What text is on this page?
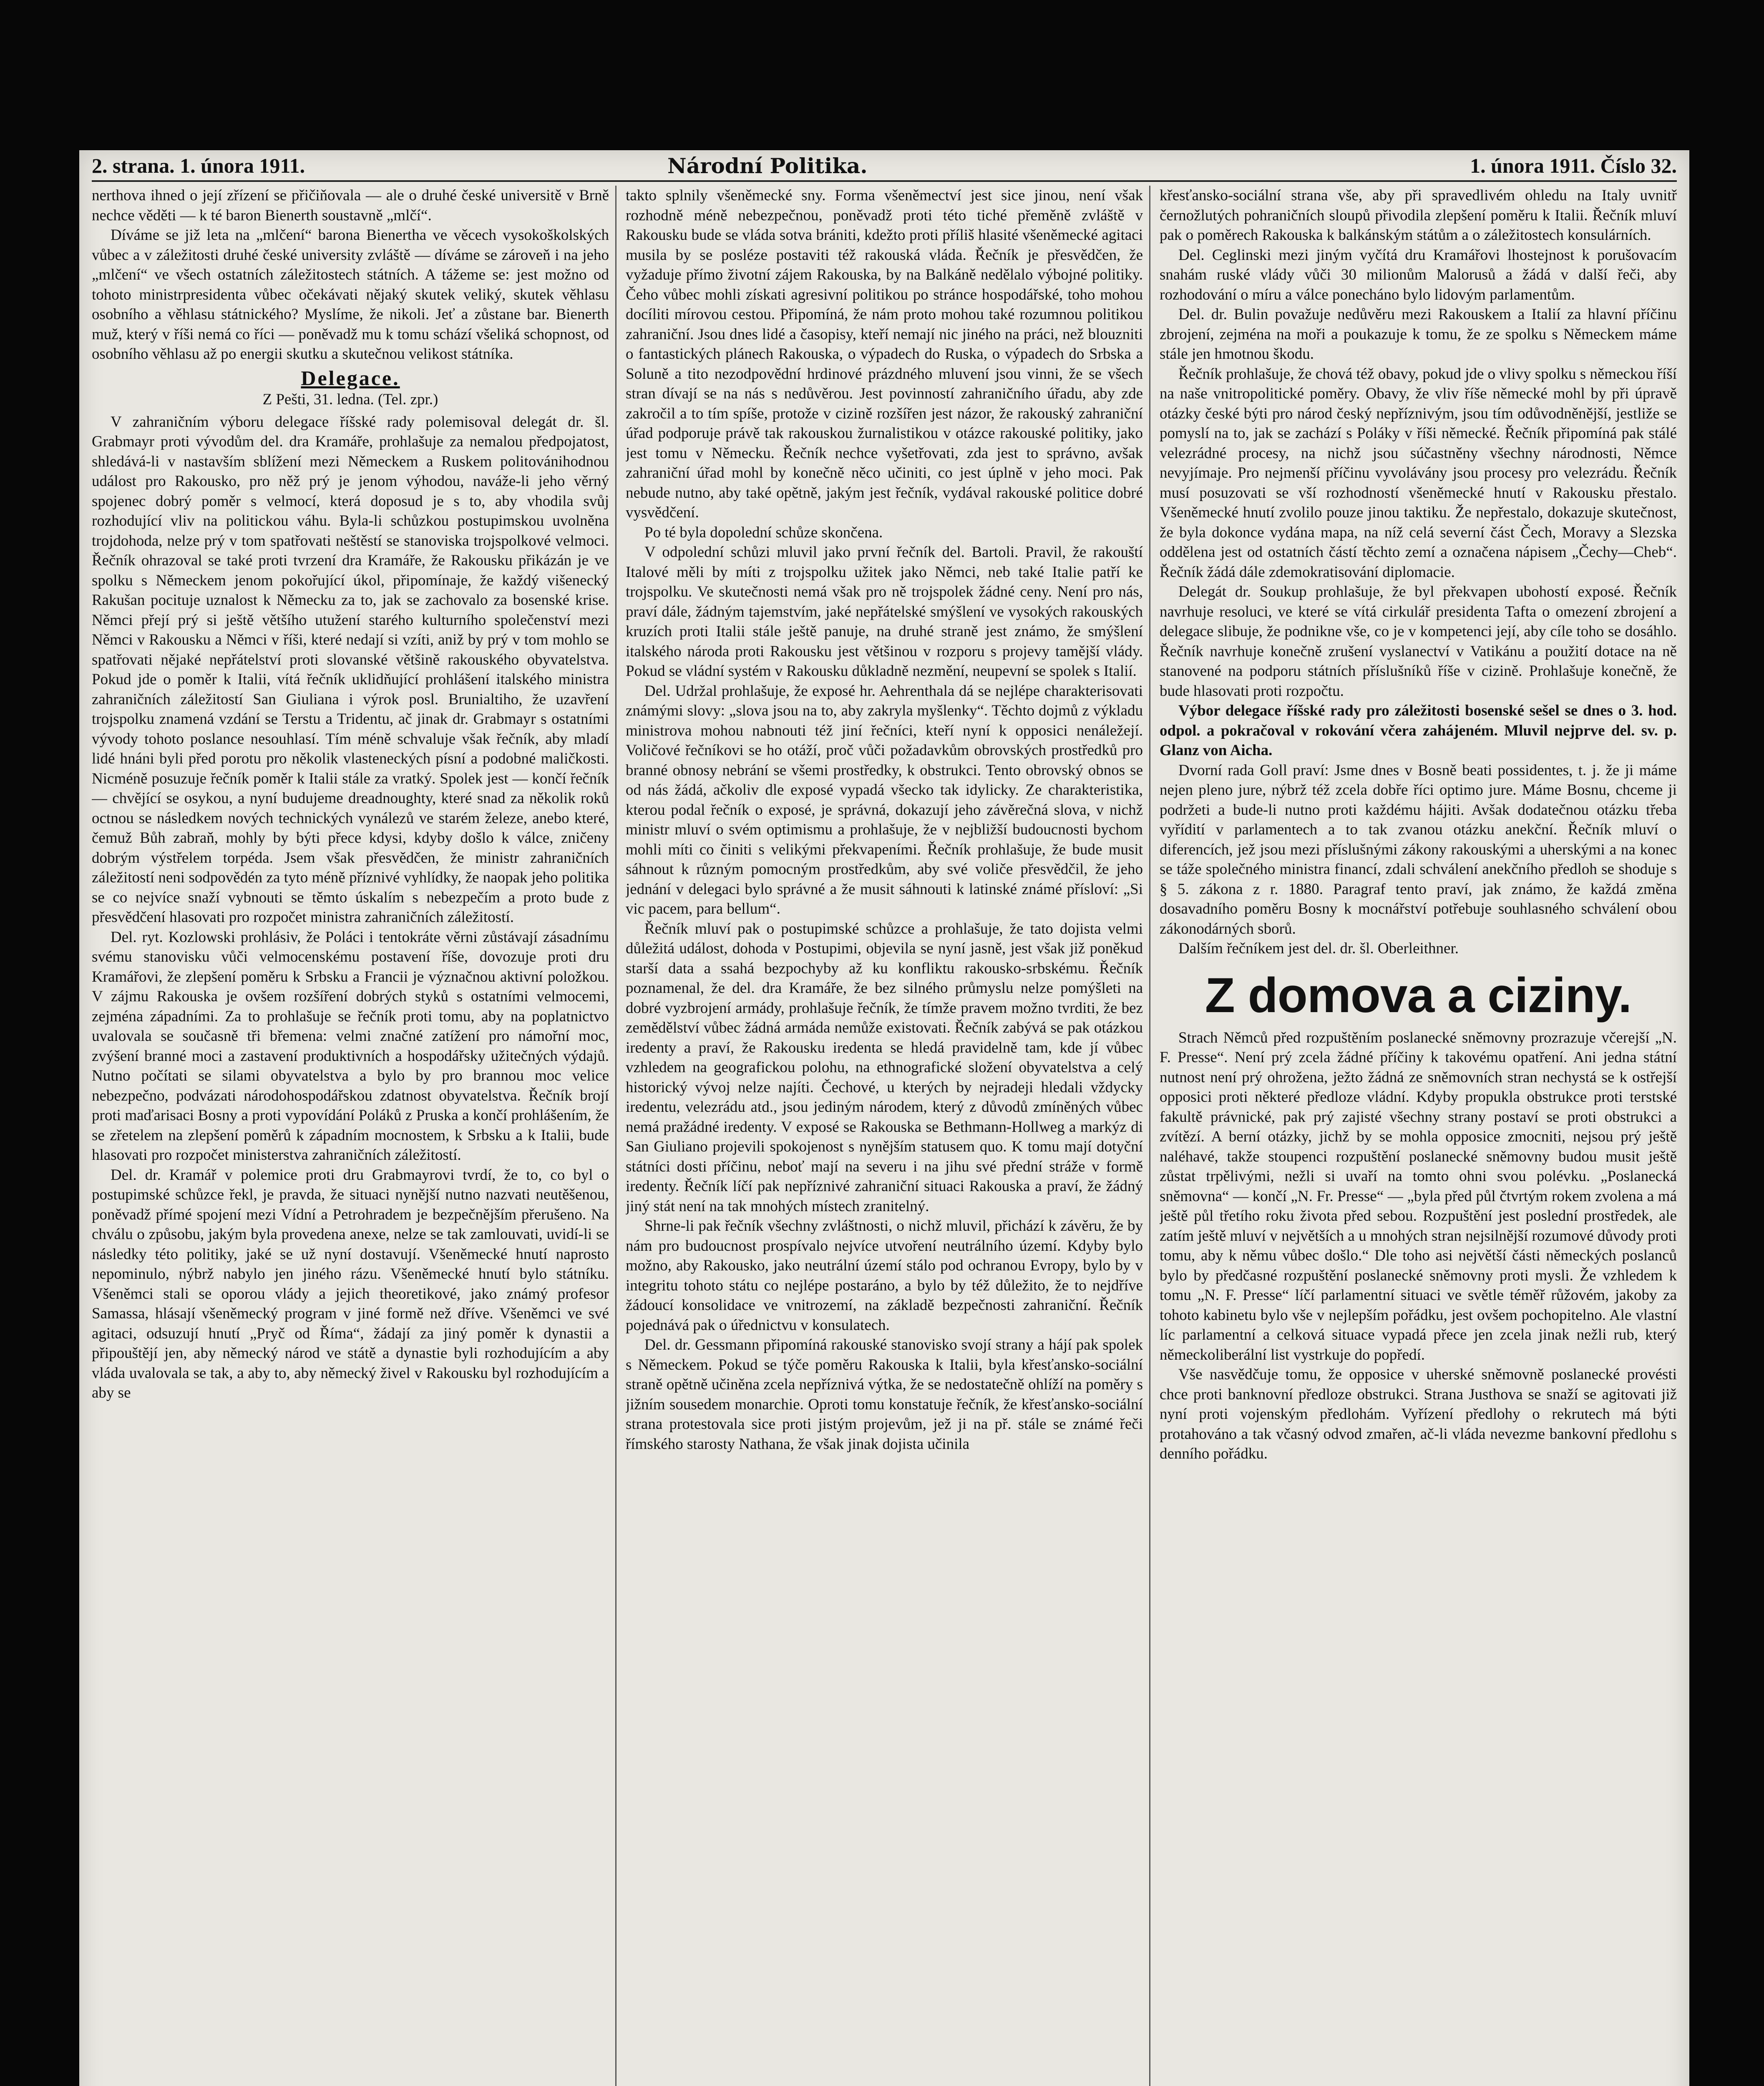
2. strana. 1. února 1911.	Národní Politika.	1. února 1911. Číslo 32.

nerthova ihned o její zřízení se přičiňovala — ale o druhé české universitě v Brně nechce věděti — k té baron Bienerth soustavně „mlčí“.

Díváme se již leta na „mlčení“ barona Bienertha ve věcech vysokoškolských vůbec a v záležitosti druhé české university zvláště — díváme se zároveň i na jeho „mlčení“ ve všech ostatních záležitostech státních. A tážeme se: jest možno od tohoto ministrpresidenta vůbec očekávati nějaký skutek veliký, skutek věhlasu osobního a věhlasu státnického? Myslíme, že nikoli. Jeť a zůstane bar. Bienerth muž, který v říši nemá co říci — poněvadž mu k tomu schází všeliká schopnost, od osobního věhlasu až po energii skutku a skutečnou velikost státníka.

Delegace.
Z Pešti, 31. ledna. (Tel. zpr.)

V zahraničním výboru delegace říšské rady polemisoval delegát dr. šl. Grabmayr proti vývodům del. dra Kramáře, prohlašuje za nemalou předpojatost, shledává-li v nastavším sblížení mezi Německem a Ruskem politovánihodnou událost pro Rakousko, pro něž prý je jenom výhodou, naváže-li jeho věrný spojenec dobrý poměr s velmocí, která doposud je s to, aby vhodila svůj rozhodující vliv na politickou váhu. Byla-li schůzkou postupimskou uvolněna trojdohoda, nelze prý v tom spatřovati neštěstí se stanoviska trojspolkové velmoci. Řečník ohrazoval se také proti tvrzení dra Kramáře, že Rakousku přikázán je ve spolku s Německem jenom pokořující úkol, připomínaje, že každý višenecký Rakušan pocituje uznalost k Německu za to, jak se zachovalo za bosenské krise. Němci přejí prý si ještě většího utužení starého kulturního společenství mezi Němci v Rakousku a Němci v říši, které nedají si vzíti, aniž by prý v tom mohlo se spatřovati nějaké nepřátelství proti slovanské většině rakouského obyvatelstva. Pokud jde o poměr k Italii, vítá řečník uklidňující prohlášení italského ministra zahraničních záležitostí San Giuliana i výrok posl. Brunialtiho, že uzavření trojspolku znamená vzdání se Terstu a Tridentu, ač jinak dr. Grabmayr s ostatními vývody tohoto poslance nesouhlasí. Tím méně schvaluje však řečník, aby mladí lidé hnáni byli před porotu pro několik vlasteneckých písní a podobné maličkosti. Nicméně posuzuje řečník poměr k Italii stále za vratký. Spolek jest — končí řečník — chvějící se osykou, a nyní budujeme dreadnoughty, které snad za několik roků octnou se následkem nových technických vynálezů ve starém železe, anebo které, čemuž Bůh zabraň, mohly by býti přece kdysi, kdyby došlo k válce, zničeny dobrým výstřelem torpéda. Jsem však přesvědčen, že ministr zahraničních záležitostí neni sodpovědén za tyto méně příznivé vyhlídky, že naopak jeho politika se co nejvíce snaží vybnouti se těmto úskalím s nebezpečím a proto bude z přesvědčení hlasovati pro rozpočet ministra zahraničních záležitostí.

Del. ryt. Kozlowski prohlásiv, že Poláci i tentokráte věrni zůstávají zásadnímu svému stanovisku vůči velmocenskému postavení říše, dovozuje proti dru Kramářovi, že zlepšení poměru k Srbsku a Francii je význačnou aktivní položkou. V zájmu Rakouska je ovšem rozšíření dobrých styků s ostatními velmocemi, zejména západními. Za to prohlašuje se řečník proti tomu, aby na poplatnictvo uvalovala se současně tři břemena: velmi značné zatížení pro námořní moc, zvýšení branné moci a zastavení produktivních a hospodářsky užitečných výdajů. Nutno počítati se silami obyvatelstva a bylo by pro brannou moc velice nebezpečno, podvázati národohospodářskou zdatnost obyvatelstva. Řečník brojí proti maďarisaci Bosny a proti vypovídání Poláků z Pruska a končí prohlášením, že se zřetelem na zlepšení poměrů k západním mocnostem, k Srbsku a k Italii, bude hlasovati pro rozpočet ministerstva zahraničních záležitostí.

Del. dr. Kramář v polemice proti dru Grabmayrovi tvrdí, že to, co byl o postupimské schůzce řekl, je pravda, že situaci nynější nutno nazvati neutěšenou, poněvadž přímé spojení mezi Vídní a Petrohradem je bezpečnějším přerušeno. Na chválu o způsobu, jakým byla provedena anexe, nelze se tak zamlouvati, uvidí-li se následky této politiky, jaké se už nyní dostavují. Všeněmecké hnutí naprosto nepominulo, nýbrž nabylo jen jiného rázu. Všeněmecké hnutí bylo státníku. Všeněmci stali se oporou vlády a jejich theoretikové, jako známý profesor Samassa, hlásají všeněmecký program v jiné formě než dříve. Všeněmci ve své agitaci, odsuzují hnutí „Pryč od Říma“, žádají za jiný poměr k dynastii a připouštějí jen, aby německý národ ve státě a dynastie byli rozhodujícím a aby vláda uvalovala se tak, a aby to, aby německý živel v Rakousku byl rozhodujícím a aby se

takto splnily všeněmecké sny. Forma všeněmectví jest sice jinou, není však rozhodně méně nebezpečnou, poněvadž proti této tiché přeměně zvláště v Rakousku bude se vláda sotva brániti, kdežto proti příliš hlasité všeněmecké agitaci musila by se posléze postaviti též rakouská vláda. Řečník je přesvědčen, že vyžaduje přímo životní zájem Rakouska, by na Balkáně nedělalo výbojné politiky. Čeho vůbec mohli získati agresivní politikou po stránce hospodářské, toho mohou docíliti mírovou cestou. Připomíná, že nám proto mohou také rozumnou politikou zahraniční. Jsou dnes lidé a časopisy, kteří nemají nic jiného na práci, než blouzniti o fantastických plánech Rakouska, o výpadech do Ruska, o výpadech do Srbska a Soluně a tito nezodpovědní hrdinové prázdného mluvení jsou vinni, že se všech stran dívají se na nás s nedůvěrou. Jest povinností zahraničního úřadu, aby zde zakročil a to tím spíše, protože v cizině rozšířen jest názor, že rakouský zahraniční úřad podporuje právě tak rakouskou žurnalistikou v otázce rakouské politiky, jako jest tomu v Německu. Řečník nechce vyšetřovati, zda jest to správno, avšak zahraniční úřad mohl by konečně něco učiniti, co jest úplně v jeho moci. Pak nebude nutno, aby také opětně, jakým jest řečník, vydával rakouské politice dobré vysvědčení.

Po té byla dopolední schůze skončena.

V odpolední schůzi mluvil jako první řečník del. Bartoli. Pravil, že rakouští Italové měli by míti z trojspolku užitek jako Němci, neb také Italie patří ke trojspolku. Ve skutečnosti nemá však pro ně trojspolek žádné ceny. Není pro nás, praví dále, žádným tajemstvím, jaké nepřátelské smýšlení ve vysokých rakouských kruzích proti Italii stále ještě panuje, na druhé straně jest známo, že smýšlení italského národa proti Rakousku jest většinou v rozporu s projevy tamější vlády. Pokud se vládní systém v Rakousku důkladně nezmění, neupevní se spolek s Italií.

Del. Udržal prohlašuje, že exposé hr. Aehrenthala dá se nejlépe charakterisovati známými slovy: „slova jsou na to, aby zakryla myšlenky“. Těchto dojmů z výkladu ministrova mohou nabnouti též jiní řečníci, kteří nyní k opposici nenáležejí. Voličové řečníkovi se ho otáží, proč vůči požadavkům obrovských prostředků pro branné obnosy nebrání se všemi prostředky, k obstrukci. Tento obrovský obnos se od nás žádá, ačkoliv dle exposé vypadá všecko tak idylicky. Ze charakteristika, kterou podal řečník o exposé, je správná, dokazují jeho závěrečná slova, v nichž ministr mluví o svém optimismu a prohlašuje, že v nejbližší budoucnosti bychom mohli míti co činiti s velikými překvapeními. Řečník prohlašuje, že bude musit sáhnout k různým pomocným prostředkům, aby své voliče přesvědčil, že jeho jednání v delegaci bylo správné a že musit sáhnouti k latinské známé přísloví: „Si vic pacem, para bellum“.

Řečník mluví pak o postupimské schůzce a prohlašuje, že tato dojista velmi důležitá událost, dohoda v Postupimi, objevila se nyní jasně, jest však již poněkud starší data a ssahá bezpochyby až ku konfliktu rakousko-srbskému. Řečník poznamenal, že del. dra Kramáře, že bez silného průmyslu nelze pomýšleti na dobré vyzbrojení armády, prohlašuje řečník, že tímže pravem možno tvrditi, že bez zemědělství vůbec žádná armáda nemůže existovati. Řečník zabývá se pak otázkou iredenty a praví, že Rakousku iredenta se hledá pravidelně tam, kde jí vůbec vzhledem na geografickou polohu, na ethnografické složení obyvatelstva a celý historický vývoj nelze najíti. Čechové, u kterých by nejradeji hledali vždycky iredentu, velezrádu atd., jsou jediným národem, který z důvodů zmíněných vůbec nemá pražádné iredenty. V exposé se Rakouska se Bethmann-Hollweg a markýz di San Giuliano projevili spokojenost s nynějším statusem quo. K tomu mají dotyční státníci dosti příčinu, neboť mají na severu i na jihu své přední stráže v formě iredenty. Řečník líčí pak nepříznivé zahraniční situaci Rakouska a praví, že žádný jiný stát není na tak mnohých místech zranitelný.

Shrne-li pak řečník všechny zvláštnosti, o nichž mluvil, přichází k závěru, že by nám pro budoucnost prospívalo nejvíce utvoření neutrálního území. Kdyby bylo možno, aby Rakousko, jako neutrální území stálo pod ochranou Evropy, bylo by v integritu tohoto státu co nejlépe postaráno, a bylo by též důležito, že to nejdříve žádoucí konsolidace ve vnitrozemí, na základě bezpečnosti zahraniční. Řečník pojednává pak o úřednictvu v konsulatech.

Del. dr. Gessmann připomíná rakouské stanovisko svojí strany a hájí pak spolek s Německem. Pokud se týče poměru Rakouska k Italii, byla křesťansko-sociální straně opětně učiněna zcela nepříznivá výtka, že se nedostatečně ohlíží na poměry s jižním sousedem monarchie. Oproti tomu konstatuje řečník, že křesťansko-sociální strana protestovala sice proti jistým projevům, jež ji na př. stále se známé řeči římského starosty Nathana, že však jinak dojista učinila

křesťansko-sociální strana vše, aby při spravedlivém ohledu na Italy uvnitř černožlutých pohraničních sloupů přivodila zlepšení poměru k Italii. Řečník mluví pak o poměrech Rakouska k balkánským státům a o záležitostech konsulárních.

Del. Ceglinski mezi jiným vyčítá dru Kramářovi lhostejnost k porušovacím snahám ruské vlády vůči 30 milionům Malorusů a žádá v další řeči, aby rozhodování o míru a válce ponecháno bylo lidovým parlamentům.

Del. dr. Bulin považuje nedůvěru mezi Rakouskem a Italií za hlavní příčinu zbrojení, zejména na moři a poukazuje k tomu, že ze spolku s Německem máme stále jen hmotnou škodu.

Řečník prohlašuje, že chová též obavy, pokud jde o vlivy spolku s německou říší na naše vnitropolitické poměry. Obavy, že vliv říše německé mohl by při úpravě otázky české býti pro národ český nepříznivým, jsou tím odůvodněnější, jestliže se pomyslí na to, jak se zachází s Poláky v říši německé. Řečník připomíná pak stálé velezrádné procesy, na nichž jsou súčastněny všechny národnosti, Němce nevyjímaje. Pro nejmenší příčinu vyvolávány jsou procesy pro velezrádu. Řečník musí posuzovati se vší rozhodností všeněmecké hnutí v Rakousku přestalo. Všeněmecké hnutí zvolilo pouze jinou taktiku. Že nepřestalo, dokazuje skutečnost, že byla dokonce vydána mapa, na níž celá severní část Čech, Moravy a Slezska oddělena jest od ostatních částí těchto zemí a označena nápisem „Čechy—Cheb“. Řečník žádá dále zdemokratisování diplomacie.

Delegát dr. Soukup prohlašuje, že byl překvapen ubohostí exposé. Řečník navrhuje resoluci, ve které se vítá cirkulář presidenta Tafta o omezení zbrojení a delegace slibuje, že podnikne vše, co je v kompetenci její, aby cíle toho se dosáhlo. Řečník navrhuje konečně zrušení vyslanectví v Vatikánu a použití dotace na ně stanovené na podporu státních příslušníků říše v cizině. Prohlašuje konečně, že bude hlasovati proti rozpočtu.

Výbor delegace říšské rady pro záležitosti bosenské sešel se dnes o 3. hod. odpol. a pokračoval v rokování včera zahájeném. Mluvil nejprve del. sv. p. Glanz von Aicha.

Dvorní rada Goll praví: Jsme dnes v Bosně beati possidentes, t. j. že ji máme nejen pleno jure, nýbrž též zcela dobře říci optimo jure. Máme Bosnu, chceme ji podržeti a bude-li nutno proti každému hájiti. Avšak dodatečnou otázku třeba vyřídití v parlamentech a to tak zvanou otázku anekční. Řečník mluví o diferencích, jež jsou mezi příslušnými zákony rakouskými a uherskými a na konec se táže společného ministra financí, zdali schválení anekčního předloh se shoduje s § 5. zákona z r. 1880. Paragraf tento praví, jak známo, že každá změna dosavadního poměru Bosny k mocnářství potřebuje souhlasného schválení obou zákonodárných sborů.

Dalším řečníkem jest del. dr. šl. Oberleithner.

Z domova a ciziny.

Strach Němců před rozpuštěním poslanecké sněmovny prozrazuje včerejší „N. F. Presse“. Není prý zcela žádné příčiny k takovému opatření. Ani jedna státní nutnost není prý ohrožena, ježto žádná ze sněmovních stran nechystá se k ostřejší opposici proti některé předloze vládní. Kdyby propukla obstrukce proti terstské fakultě právnické, pak prý zajisté všechny strany postaví se proti obstrukci a zvítězí. A berní otázky, jichž by se mohla opposice zmocniti, nejsou prý ještě naléhavé, takže stoupenci rozpuštění poslanecké sněmovny budou musit ještě zůstat trpělivými, nežli si uvaří na tomto ohni svou polévku. „Poslanecká sněmovna“ — končí „N. Fr. Presse“ — „byla před půl čtvrtým rokem zvolena a má ještě půl třetího roku života před sebou. Rozpuštění jest poslední prostředek, ale zatím ještě mluví v největších a u mnohých stran nejsilnější rozumové důvody proti tomu, aby k němu vůbec došlo.“ Dle toho asi největší části německých poslanců bylo by předčasné rozpuštění poslanecké sněmovny proti mysli. Že vzhledem k tomu „N. F. Presse“ líčí parlamentní situaci ve světle téměř růžovém, jakoby za tohoto kabinetu bylo vše v nejlepším pořádku, jest ovšem pochopitelno. Ale vlastní líc parlamentní a celková situace vypadá přece jen zcela jinak nežli rub, který německoliberální list vystrkuje do popředí.

Vše nasvědčuje tomu, že opposice v uherské sněmovně poslanecké provésti chce proti banknovní předloze obstrukci. Strana Justhova se snaží se agitovati již nyní proti vojenským předlohám. Vyřízení předlohy o rekrutech má býti protahováno a tak včasný odvod zmařen, ač-li vláda nevezme bankovní předlohu s denního pořádku.
